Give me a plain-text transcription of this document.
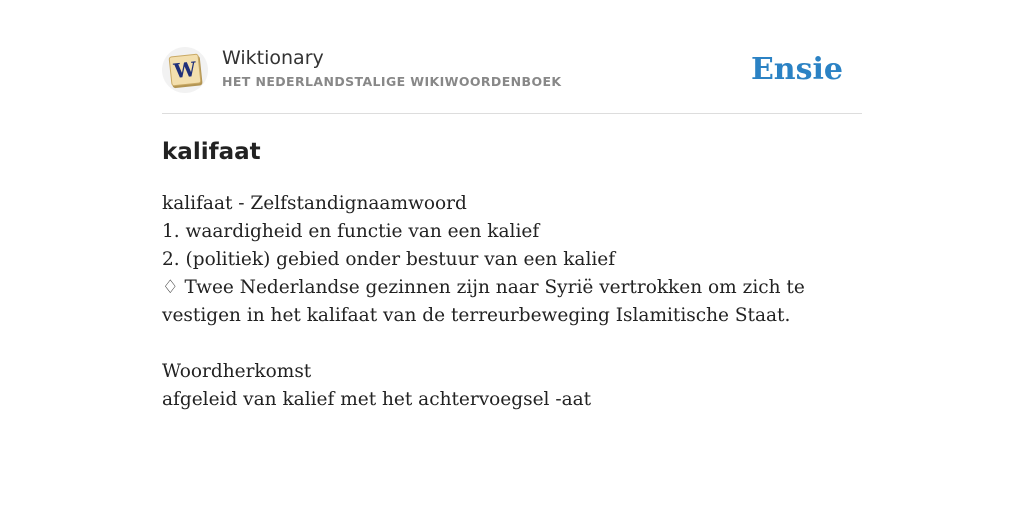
W Wiktionary
HET NEDERLANDSTALIGE WIKIWOORDENBOEK	Ensie
kalifaat

kalifaat - Zelfstandignaamwoord

1. waardigheid en functie van een kalief

2. (politiek) gebied onder bestuur van een kalief

♢ Twee Nederlandse gezinnen zijn naar Syrië vertrokken om zich te vestigen in het kalifaat van de terreurbeweging Islamitische Staat.

Woordherkomst

afgeleid van kalief met het achtervoegsel -aat
